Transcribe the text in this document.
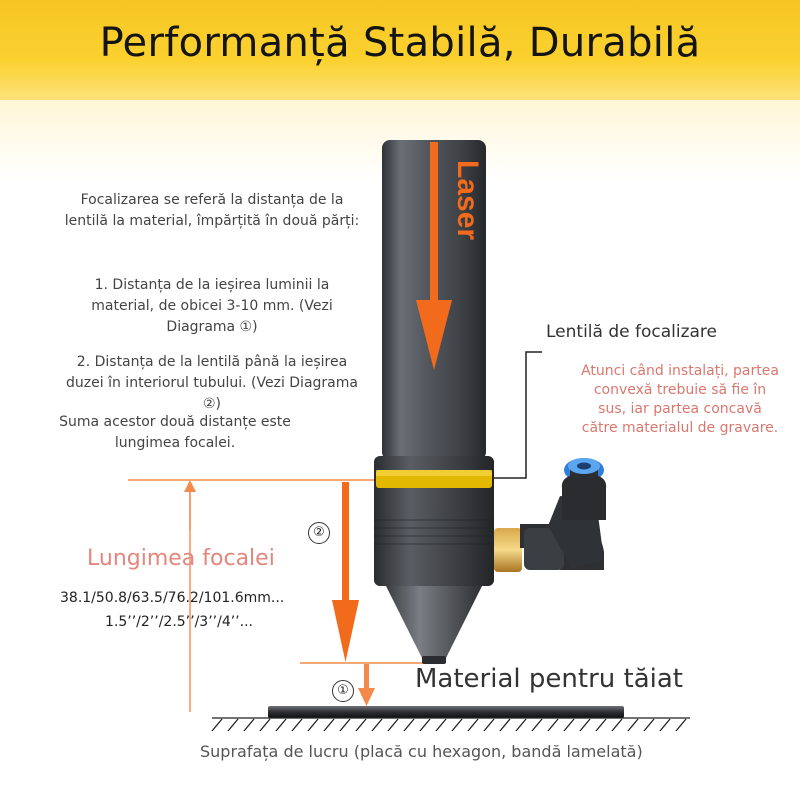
Performanță Stabilă, Durabilă
Laser
Focalizarea se referă la distanța de la lentilă la material, împărțită în două părți:
1. Distanța de la ieșirea luminii la material, de obicei 3-10 mm. (Vezi Diagrama ①)
2. Distanța de la lentilă până la ieșirea duzei în interiorul tubului. (Vezi Diagrama ②)
Suma acestor două distanțe este lungimea focalei.
Lentilă de focalizare
Atunci când instalați, partea convexă trebuie să fie în sus, iar partea concavă către materialul de gravare.
Lungimea focalei
38.1/50.8/63.5/76.2/101.6mm...
1.5’’/2’’/2.5’’/3’’/4’’...
②
①	Material pentru tăiat
Suprafața de lucru (placă cu hexagon, bandă lamelată)
